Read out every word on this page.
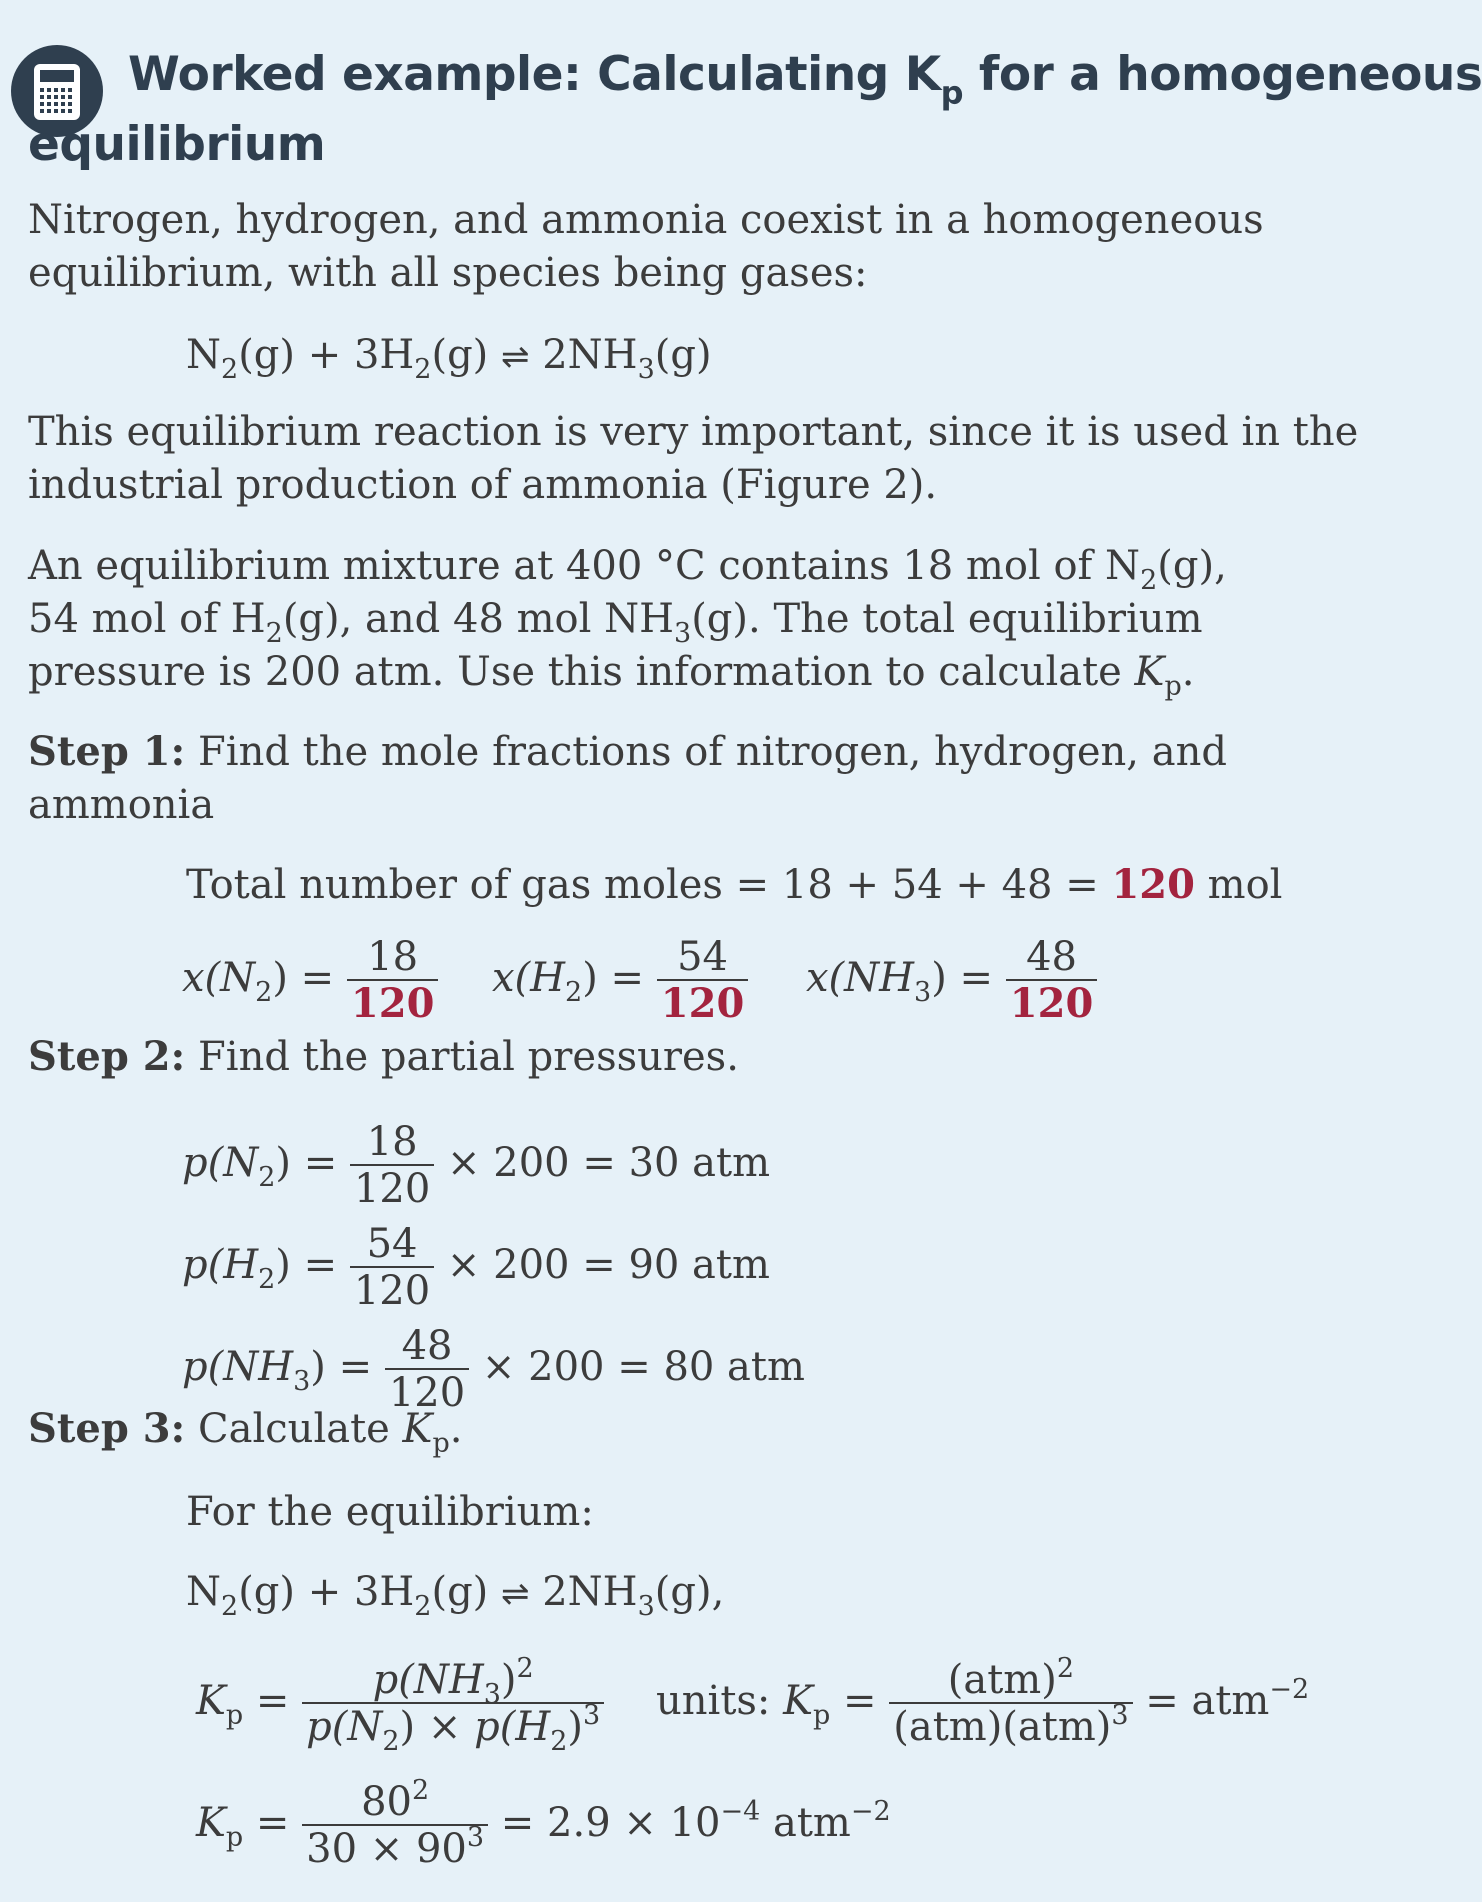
Worked example: Calculating $K_p$ for a homogeneous
equilibrium
Nitrogen, hydrogen, and ammonia coexist in a homogeneous
equilibrium, with all species being gases:
$N_2(g) + 3H_2(g)$ ⇌ $2NH_3(g)$
This equilibrium reaction is very important, since it is used in the
industrial production of ammonia (Figure 2).
An equilibrium mixture at 400 °C contains 18 mol of $N_2(g)$,
54 mol of $H_2(g)$, and 48 mol $NH_3(g)$. The total equilibrium
pressure is 200 atm. Use this information to calculate $K_p$.
Step 1: Find the mole fractions of nitrogen, hydrogen, and
ammonia
Total number of gas moles = 18 + 54 + 48 = 120 mol
$x(N_2) = \frac{18}{120} x(H_2) = \frac{54}{120} x(NH_3) = \frac{48}{120}$
Step 2: Find the partial pressures.
$p(N_2) = \frac{18}{120} \times 200 = 30$ atm
$p(H_2) = \frac{54}{120} \times 200 = 90$ atm
$p(NH_3) = \frac{48}{120} \times 200 = 80$ atm
Step 3: Calculate $K_p$.
For the equilibrium:
$N_2(g) + 3H_2(g)$ ⇌ $2NH_3(g)$,
$K_p = \frac{p(NH_3)^2}{p(N_2) \times p(H_2)^3}$ units: $K_p = \frac{(atm)^2}{(atm)(atm)^3} = atm^{-2}$
$K_p = \frac{80^2}{30 \times 90^3} = 2.9 \times 10^{-4}$ atm$^{-2}$
